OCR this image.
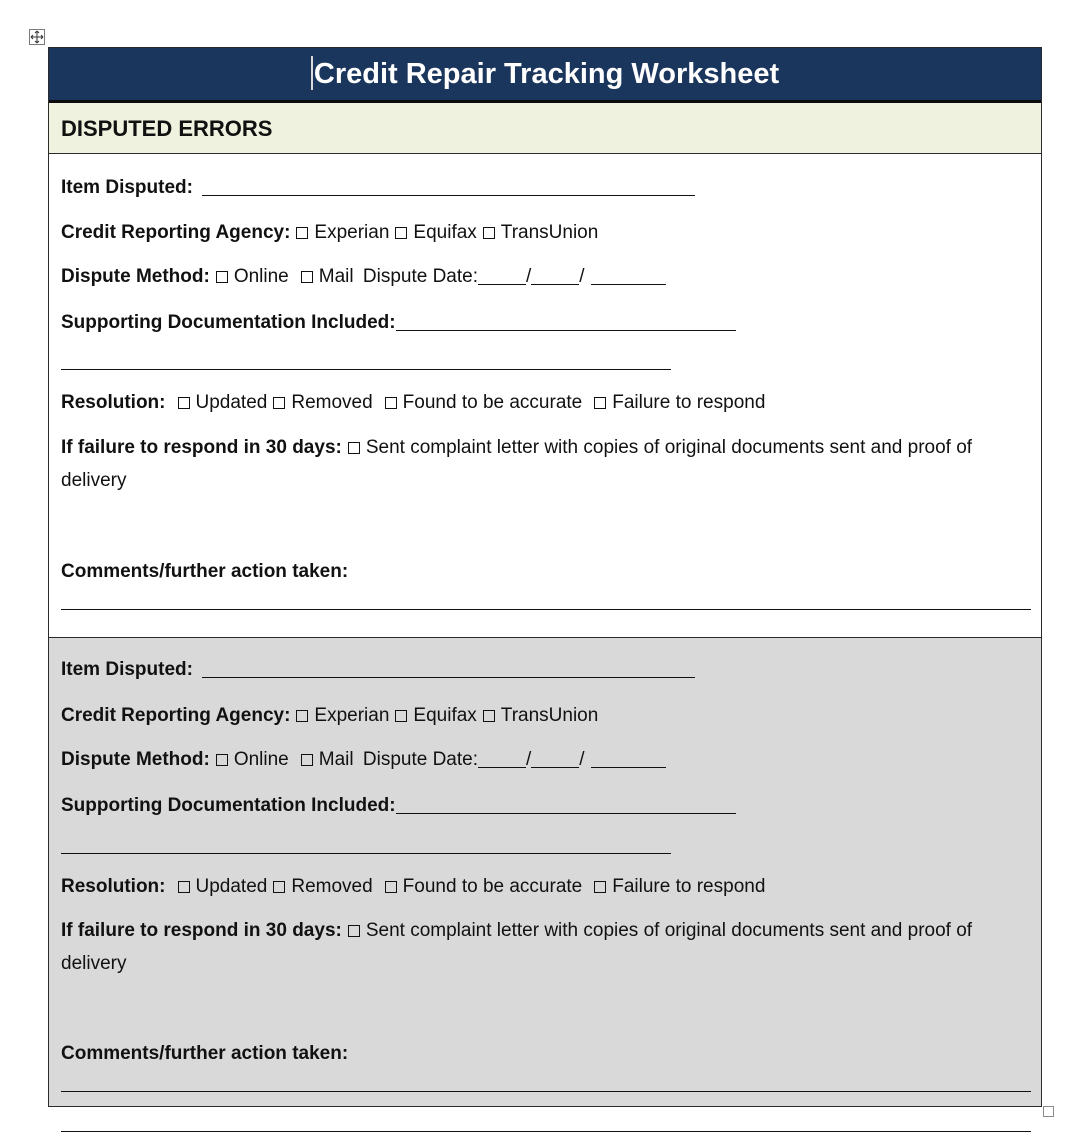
Credit Repair Tracking Worksheet
DISPUTED ERRORS
Item Disputed:
Credit Reporting Agency: Experian Equifax TransUnion
Dispute Method: Online Mail Dispute Date:	/	/
Supporting Documentation Included:
Resolution: Updated Removed Found to be accurate Failure to respond
If failure to respond in 30 days: Sent complaint letter with copies of original documents sent and proof of delivery
Comments/further action taken:
Item Disputed:
Credit Reporting Agency: Experian Equifax TransUnion
Dispute Method: Online Mail Dispute Date:	/	/
Supporting Documentation Included:
Resolution: Updated Removed Found to be accurate Failure to respond
If failure to respond in 30 days: Sent complaint letter with copies of original documents sent and proof of delivery
Comments/further action taken:
